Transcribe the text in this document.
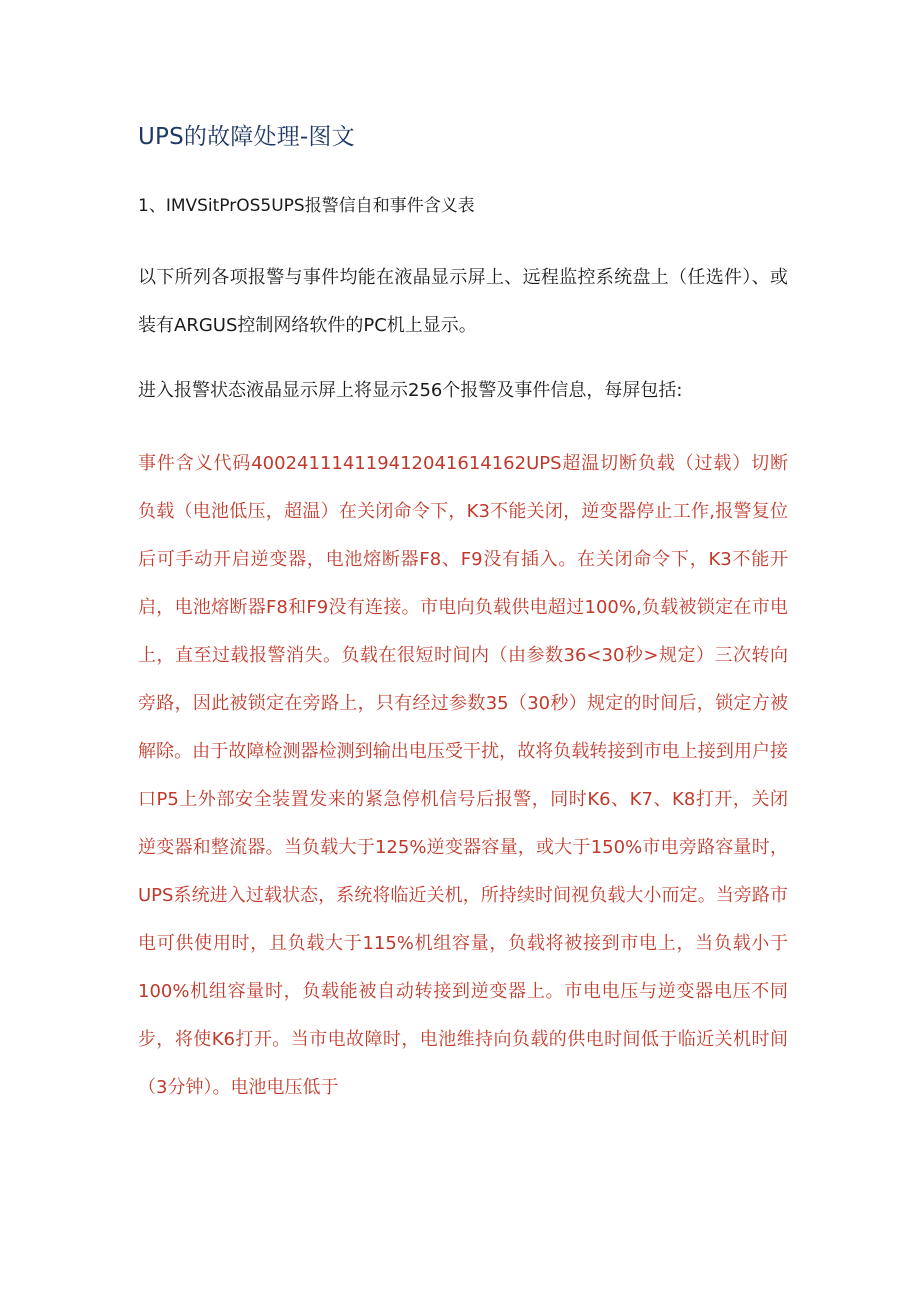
UPS的故障处理-图文
1、IMVSitPrOS5UPS报警信自和事件含义表

以下所列各项报警与事件均能在液晶显示屏上、远程监控系统盘上（任选件）、或装有ARGUS控制网络软件的PC机上显示。

进入报警状态液晶显示屏上将显示256个报警及事件信息，每屏包括:

事件含义代码4002411141194120416141​62UPS超温切断负载（过载）切断负载（电池低压，超温）在关闭命令下，K3不能关闭，逆变器停止工作,报警复位后可手动开启逆变器，电池熔断器F8、F9没有插入。在关闭命令下，K3不能开启，电池熔断器F8和F9没有连接。市电向负载供电超过100%,负载被锁定在市电上，直至过载报警消失。负载在很短时间内（由参数36<30秒>规定）三次转向旁路，因此被锁定在旁路上，只有经过参数35（30秒）规定的时间后，锁定方被解除。由于故障检测器检测到输出电压受干扰，故将负载转接到市电上接到用户接口P5上外部安全装置发来的紧急停机信号后报警，同时K6、K7、K8打开，关闭逆变器和整流器。当负载大于125%逆变器容量，或大于150%市电旁路容量时，UPS系统进入过载状态，系统将临近关机，所持续时间视负载大小而定。当旁路市电可供使用时，且负载大于115%机组容量，负载将被接到市电上，当负载小于100%机组容量时，负载能被自动转接到逆变器上。市电电压与逆变器电压不同步，将使K6打开。当市电故障时，电池维持向负载的供电时间低于临近关机时间（3分钟）。电池电压低于
